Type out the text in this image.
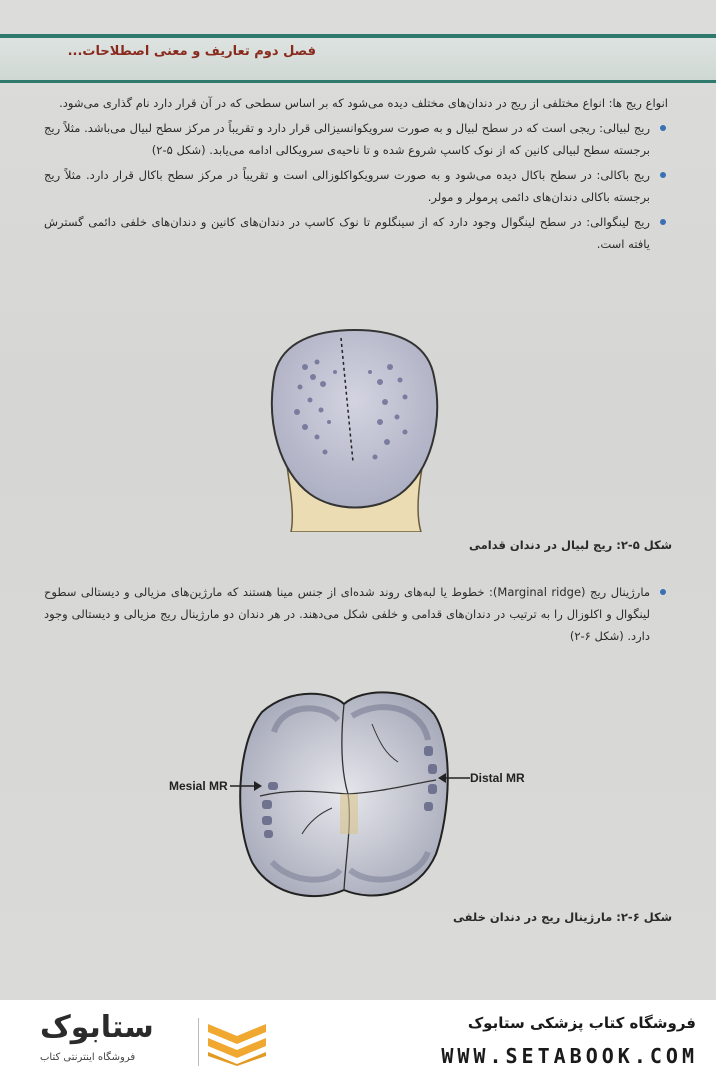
فصل دوم تعاریف و معنی اصطلاحات...

انواع ریج ها: انواع مختلفی از ریج در دندان‌های مختلف دیده می‌شود که بر اساس سطحی که در آن قرار دارد نام گذاری می‌شود.

ریج لبیالی: ریجی است که در سطح لبیال و به صورت سرویکوانسیزالی قرار دارد و تقریباً در مرکز سطح لبیال می‌باشد. مثلاً ریج برجسته سطح لبیالی کانین که از نوک کاسپ شروع شده و تا ناحیه‌ی سرویکالی ادامه می‌یابد. (شکل ۵-۲)
ریج باکالی: در سطح باکال دیده می‌شود و به صورت سرویکواکلوزالی است و تقریباً در مرکز سطح باکال قرار دارد. مثلاً ریج برجسته باکالی دندان‌های دائمی پرمولر و مولر.
ریج لینگوالی: در سطح لینگوال وجود دارد که از سینگلوم تا نوک کاسپ در دندان‌های کانین و دندان‌های خلفی دائمی گسترش یافته است.
شکل ۵-۲: ریج لبیال در دندان قدامی
مارژینال ریج (Marginal ridge): خطوط یا لبه‌های روند شده‌ای از جنس مینا هستند که مارژین‌های مزیالی و دیستالی سطوح لینگوال و اکلوزال را به ترتیب در دندان‌های قدامی و خلفی شکل می‌دهند. در هر دندان دو مارژینال ریج مزیالی و دیستالی وجود دارد. (شکل ۶-۲)
Mesial MR
Distal MR
شکل ۶-۲: مارژینال ریج در دندان خلفی
فروشگاه کتاب پزشکی ستابوک
WWW.SETABOOK.COM
ستابوک
فروشگاه اینترنتی کتاب
